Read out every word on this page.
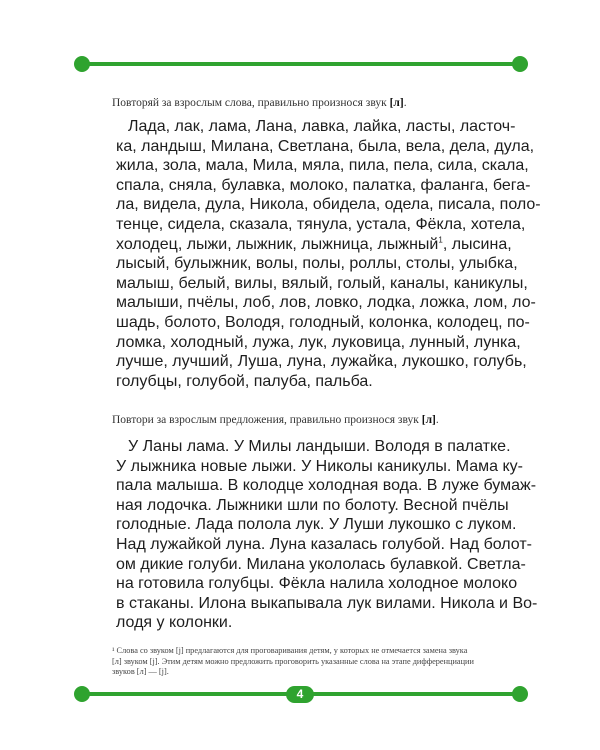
Повторяй за взрослым слова, правильно произнося звук [л].
Лада, лак, лама, Лана, лавка, лайка, ласты, ласточ-
ка, ландыш, Милана, Светлана, была, вела, дела, дула,
жила, зола, мала, Мила, мяла, пила, пела, сила, скала,
спала, сняла, булавка, молоко, палатка, фаланга, бега-
ла, видела, дула, Никола, обидела, одела, писала, поло-
тенце, сидела, сказала, тянула, устала, Фёкла, хотела,
холодец, лыжи, лыжник, лыжница, лыжный$^1$, лысина,
лысый, булыжник, волы, полы, роллы, столы, улыбка,
малыш, белый, вилы, вялый, голый, каналы, каникулы,
малыши, пчёлы, лоб, лов, ловко, лодка, ложка, лом, ло-
шадь, болото, Володя, голодный, колонка, колодец, по-
ломка, холодный, лужа, лук, луковица, лунный, лунка,
лучше, лучший, Луша, луна, лужайка, лукошко, голубь,
голубцы, голубой, палуба, пальба.
Повтори за взрослым предложения, правильно произнося звук [л].
У Ланы лама. У Милы ландыши. Володя в палатке.
У лыжника новые лыжи. У Николы каникулы. Мама ку-
пала малыша. В колодце холодная вода. В луже бумаж-
ная лодочка. Лыжники шли по болоту. Весной пчёлы
голодные. Лада полола лук. У Луши лукошко с луком.
Над лужайкой луна. Луна казалась голубой. Над болот-
ом дикие голуби. Милана укололась булавкой. Светла-
на готовила голубцы. Фёкла налила холодное молоко
в стаканы. Илона выкапывала лук вилами. Никола и Во-
лодя у колонки.
¹ Слова со звуком [j] предлагаются для проговаривания детям, у которых не отмечается замена звука
[л] звуком [j]. Этим детям можно предложить проговорить указанные слова на этапе дифференциации
звуков [л] — [j].
4
